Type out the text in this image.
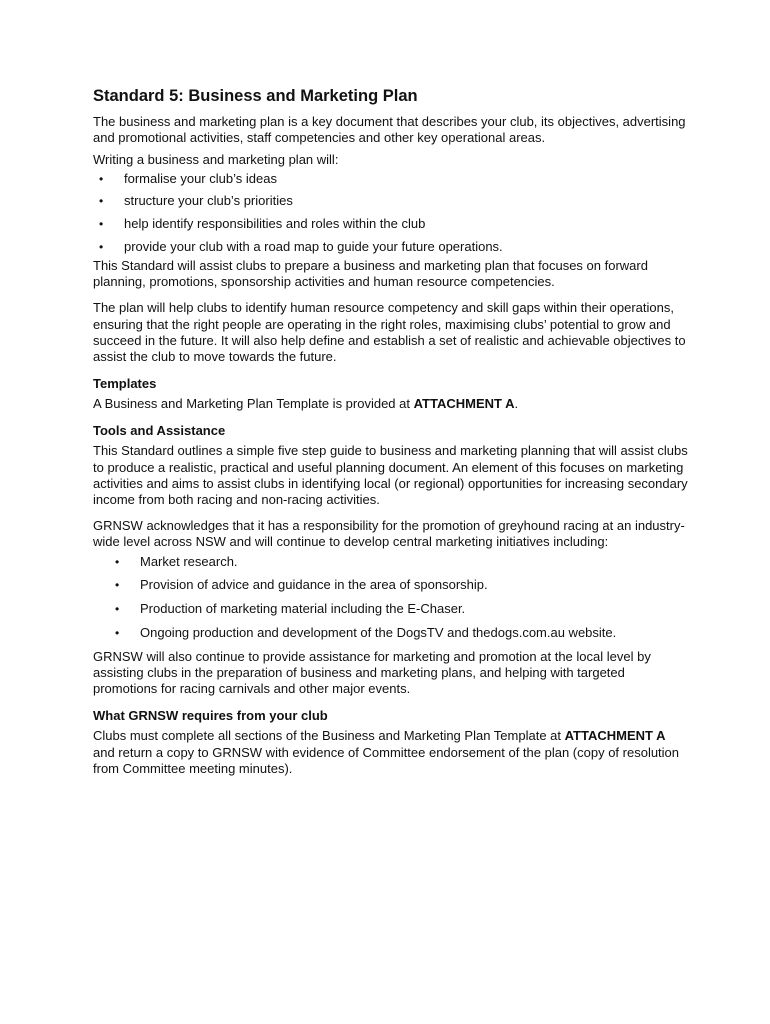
Standard 5: Business and Marketing Plan

The business and marketing plan is a key document that describes your club, its objectives, advertising and promotional activities, staff competencies and other key operational areas.

Writing a business and marketing plan will:

• formalise your club’s ideas
• structure your club’s priorities
• help identify responsibilities and roles within the club
• provide your club with a road map to guide your future operations.

This Standard will assist clubs to prepare a business and marketing plan that focuses on forward planning, promotions, sponsorship activities and human resource competencies.

The plan will help clubs to identify human resource competency and skill gaps within their operations, ensuring that the right people are operating in the right roles, maximising clubs’ potential to grow and succeed in the future. It will also help define and establish a set of realistic and achievable objectives to assist the club to move towards the future.

Templates

A Business and Marketing Plan Template is provided at ATTACHMENT A.

Tools and Assistance

This Standard outlines a simple five step guide to business and marketing planning that will assist clubs to produce a realistic, practical and useful planning document. An element of this focuses on marketing activities and aims to assist clubs in identifying local (or regional) opportunities for increasing secondary income from both racing and non-racing activities.

GRNSW acknowledges that it has a responsibility for the promotion of greyhound racing at an industry-wide level across NSW and will continue to develop central marketing initiatives including:

• Market research.
• Provision of advice and guidance in the area of sponsorship.
• Production of marketing material including the E-Chaser.
• Ongoing production and development of the DogsTV and thedogs.com.au website.

GRNSW will also continue to provide assistance for marketing and promotion at the local level by assisting clubs in the preparation of business and marketing plans, and helping with targeted promotions for racing carnivals and other major events.

What GRNSW requires from your club

Clubs must complete all sections of the Business and Marketing Plan Template at ATTACHMENT A and return a copy to GRNSW with evidence of Committee endorsement of the plan (copy of resolution from Committee meeting minutes).
